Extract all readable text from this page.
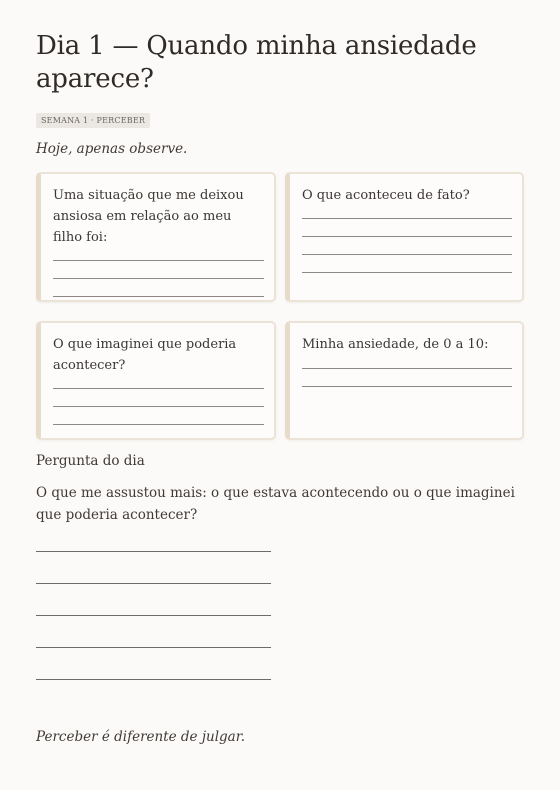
Dia 1 — Quando minha ansiedade aparece?
SEMANA 1 · PERCEBER
Hoje, apenas observe.
Uma situação que me deixou ansiosa em relação ao meu filho foi:
O que aconteceu de fato?
O que imaginei que poderia acontecer?
Minha ansiedade, de 0 a 10:
Pergunta do dia
O que me assustou mais: o que estava acontecendo ou o que imaginei que poderia acontecer?
Perceber é diferente de julgar.
